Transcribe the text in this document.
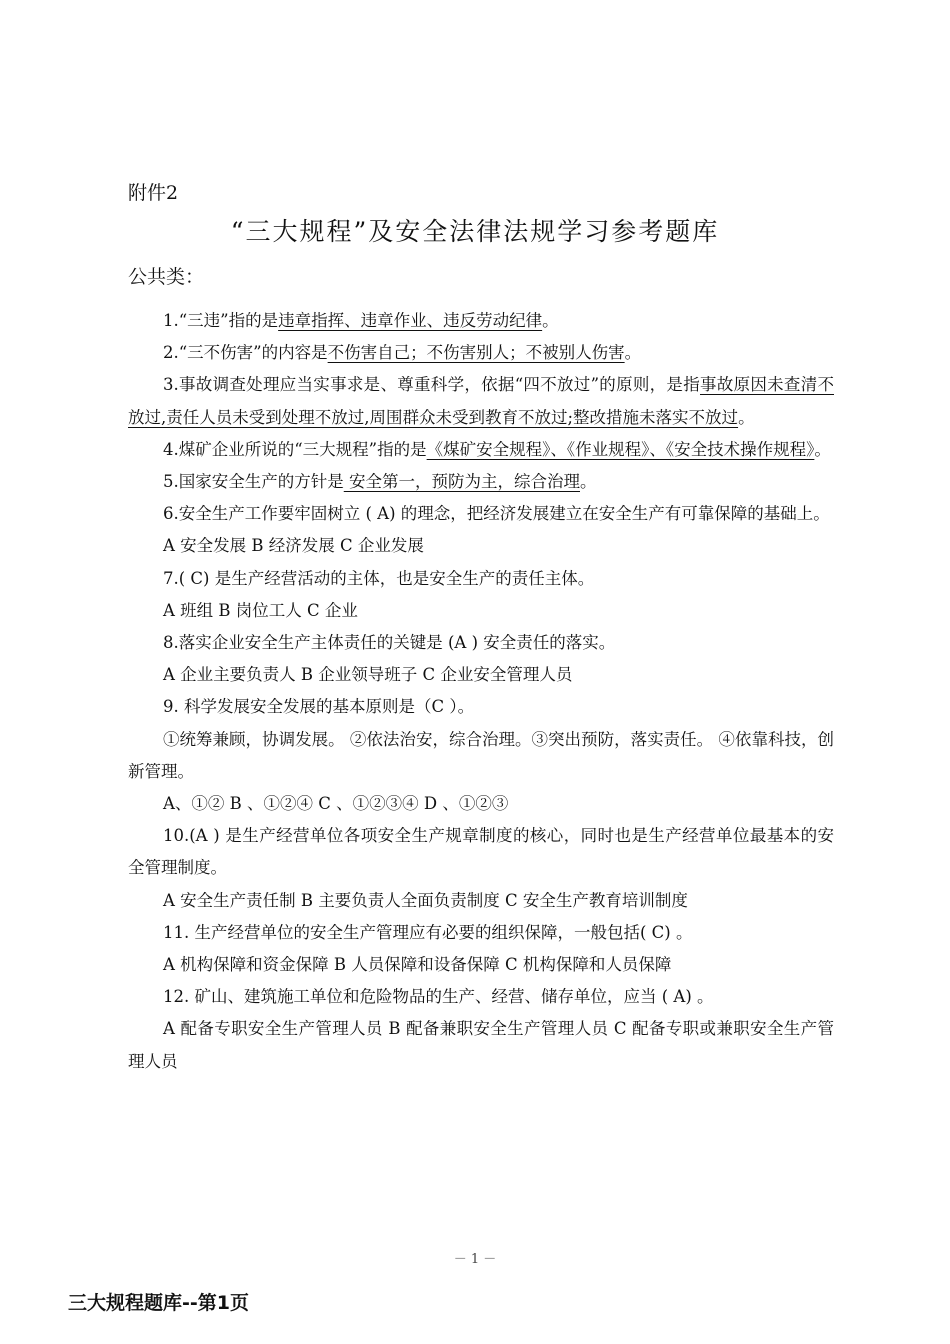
附件2
“三大规程”及安全法律法规学习参考题库
公共类：

1.“三违”指的是违章指挥、违章作业、违反劳动纪律。

2.“三不伤害”的内容是不伤害自己；不伤害别人；不被别人伤害。

3.事故调查处理应当实事求是、尊重科学，依据“四不放过”的原则，是指事故原因未查清不放过,责任人员未受到处理不放过,周围群众未受到教育不放过;整改措施未落实不放过。

4.煤矿企业所说的“三大规程”指的是《煤矿安全规程》、《作业规程》、《安全技术操作规程》。

5.国家安全生产的方针是 安全第一，预防为主，综合治理。

6.安全生产工作要牢固树立 ( A) 的理念，把经济发展建立在安全生产有可靠保障的基础上。

A 安全发展 B 经济发展 C 企业发展

7.( C) 是生产经营活动的主体，也是安全生产的责任主体。

A 班组 B 岗位工人 C 企业

8.落实企业安全生产主体责任的关键是 (A ) 安全责任的落实。

A 企业主要负责人 B 企业领导班子 C 企业安全管理人员

9. 科学发展安全发展的基本原则是（C ）。

①统筹兼顾，协调发展。 ②依法治安，综合治理。③突出预防，落实责任。 ④依靠科技，创新管理。

A、①② B 、①②④ C 、①②③④ D 、①②③

10.(A ) 是生产经营单位各项安全生产规章制度的核心，同时也是生产经营单位最基本的安全管理制度。

A 安全生产责任制 B 主要负责人全面负责制度 C 安全生产教育培训制度

11. 生产经营单位的安全生产管理应有必要的组织保障，一般包括( C) 。

A 机构保障和资金保障 B 人员保障和设备保障 C 机构保障和人员保障

12. 矿山、建筑施工单位和危险物品的生产、经营、储存单位，应当 ( A) 。

A 配备专职安全生产管理人员 B 配备兼职安全生产管理人员 C 配备专职或兼职安全生产管理人员

－ 1 －
三大规程题库--第1页
